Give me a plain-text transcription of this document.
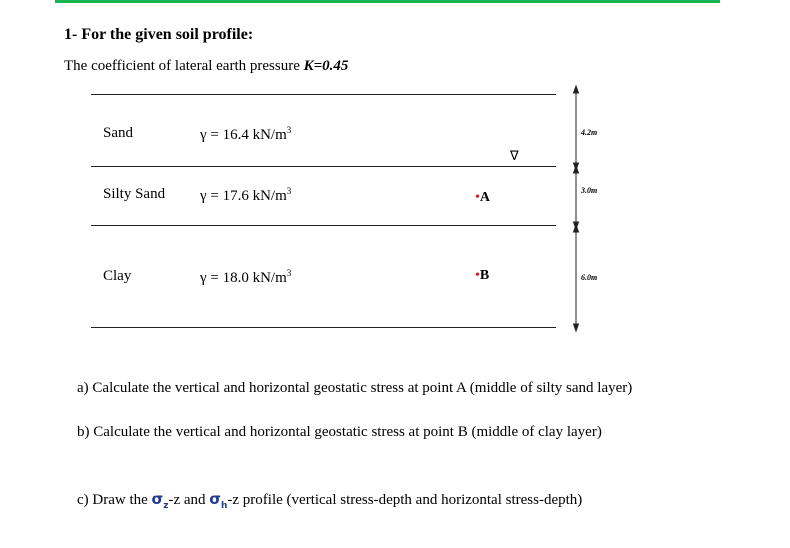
1- For the given soil profile:
The coefficient of lateral earth pressure K=0.45
∇
Sand	γ = 16.4 $kN/m^3$	4.2m
Silty Sand γ = 17.6 $kN/m^3$	•A	3.0m
Clay	γ = 18.0 $kN/m^3$	•B	6.0m
a) Calculate the vertical and horizontal geostatic stress at point A (middle of silty sand layer)
b) Calculate the vertical and horizontal geostatic stress at point B (middle of clay layer)
c) Draw the $\sigma_z-z$ and $\sigma_h-z$ profile (vertical stress-depth and horizontal stress-depth)
